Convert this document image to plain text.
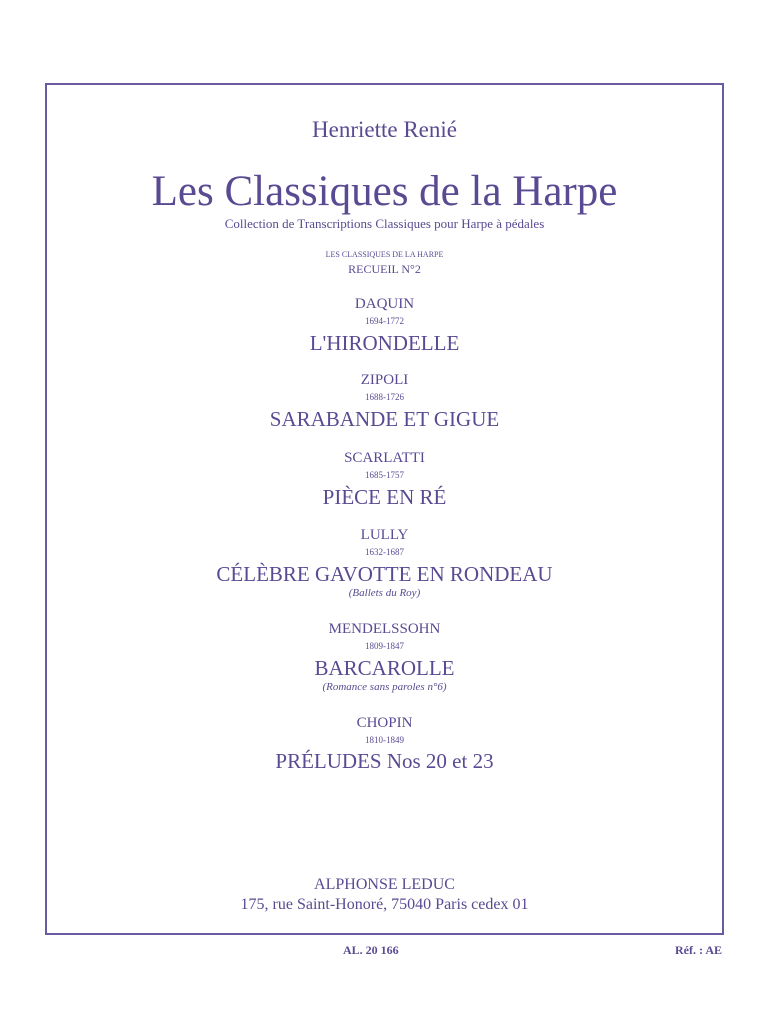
Henriette Renié
Les Classiques de la Harpe
Collection de Transcriptions Classiques pour Harpe à pédales
LES CLASSIQUES DE LA HARPE
RECUEIL N°2
DAQUIN
1694-1772
L'HIRONDELLE
ZIPOLI
1688-1726
SARABANDE ET GIGUE
SCARLATTI
1685-1757
PIÈCE EN RÉ
LULLY
1632-1687
CÉLÈBRE GAVOTTE EN RONDEAU
(Ballets du Roy)
MENDELSSOHN
1809-1847
BARCAROLLE
(Romance sans paroles n°6)
CHOPIN
1810-1849
PRÉLUDES Nos 20 et 23
ALPHONSE LEDUC
175, rue Saint-Honoré, 75040 Paris cedex 01
AL. 20 166	Réf. : AE
